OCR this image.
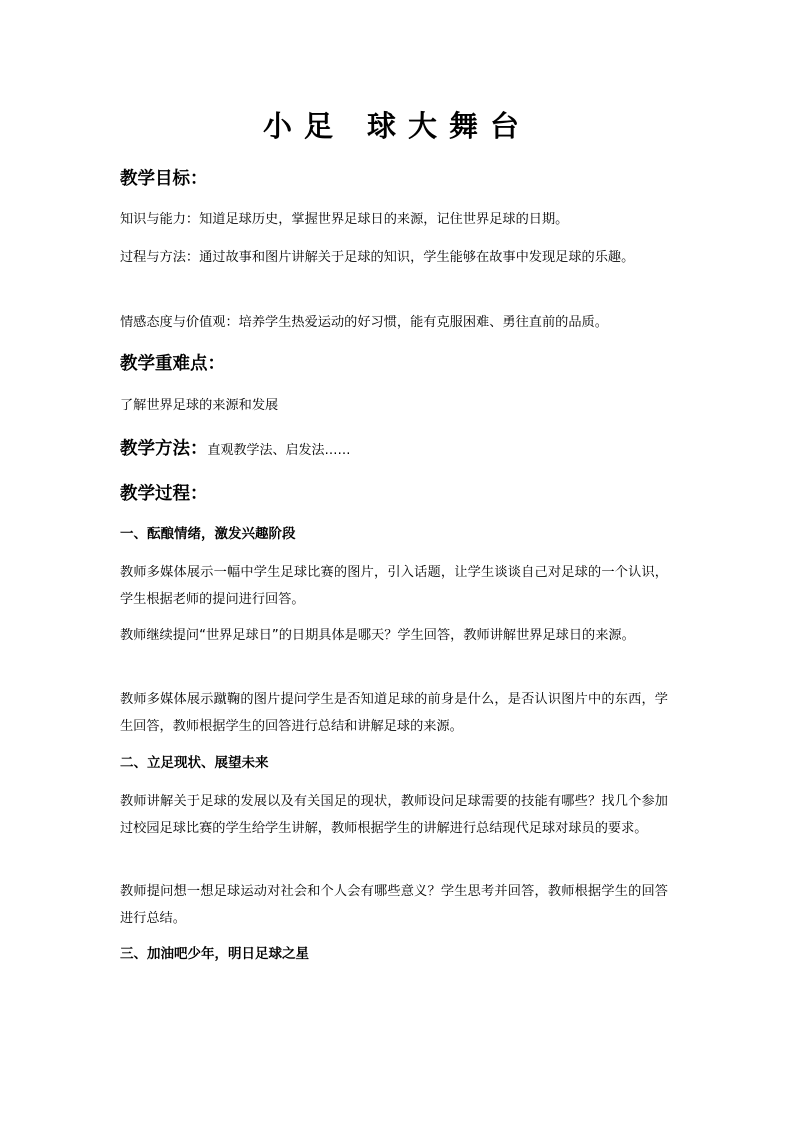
小足 球大舞台
教学目标：
知识与能力：知道足球历史，掌握世界足球日的来源，记住世界足球的日期。
过程与方法：通过故事和图片讲解关于足球的知识，学生能够在故事中发现足球的乐趣。
情感态度与价值观：培养学生热爱运动的好习惯，能有克服困难、勇往直前的品质。
教学重难点：
了解世界足球的来源和发展
教学方法：直观教学法、启发法……
教学过程：
一、酝酿情绪，激发兴趣阶段
教师多媒体展示一幅中学生足球比赛的图片，引入话题，让学生谈谈自己对足球的一个认识，学生根据老师的提问进行回答。
教师继续提问“世界足球日”的日期具体是哪天？学生回答，教师讲解世界足球日的来源。
教师多媒体展示蹴鞠的图片提问学生是否知道足球的前身是什么，是否认识图片中的东西，学生回答，教师根据学生的回答进行总结和讲解足球的来源。
二、立足现状、展望未来
教师讲解关于足球的发展以及有关国足的现状，教师设问足球需要的技能有哪些？找几个参加过校园足球比赛的学生给学生讲解，教师根据学生的讲解进行总结现代足球对球员的要求。
教师提问想一想足球运动对社会和个人会有哪些意义？学生思考并回答，教师根据学生的回答进行总结。
三、加油吧少年，明日足球之星
